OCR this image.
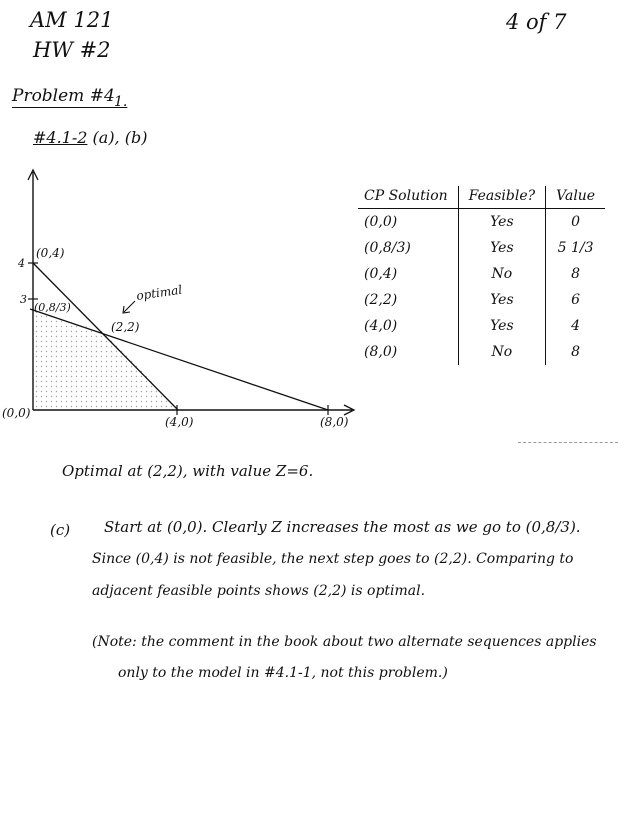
AM 121
HW #2
4 of 7
Problem #4 1.
#4.1-2 (a), (b)
4
3
(0,4)
(0,8/3)
optimal
(2,2)
(0,0)
(4,0)	(8,0)
CP Solution	Feasible?	Value
(0,0)	Yes	0
(0,8/3)	Yes	5 1/3
(0,4)	No	8
(2,2)	Yes	6
(4,0)	Yes	4
(8,0)	No	8
Optimal at (2,2), with value Z=6.
(c) Start at (0,0). Clearly Z increases the most as we go to (0,8/3).
Since (0,4) is not feasible, the next step goes to (2,2). Comparing to
adjacent feasible points shows (2,2) is optimal.
(Note: the comment in the book about two alternate sequences applies
only to the model in #4.1-1, not this problem.)
